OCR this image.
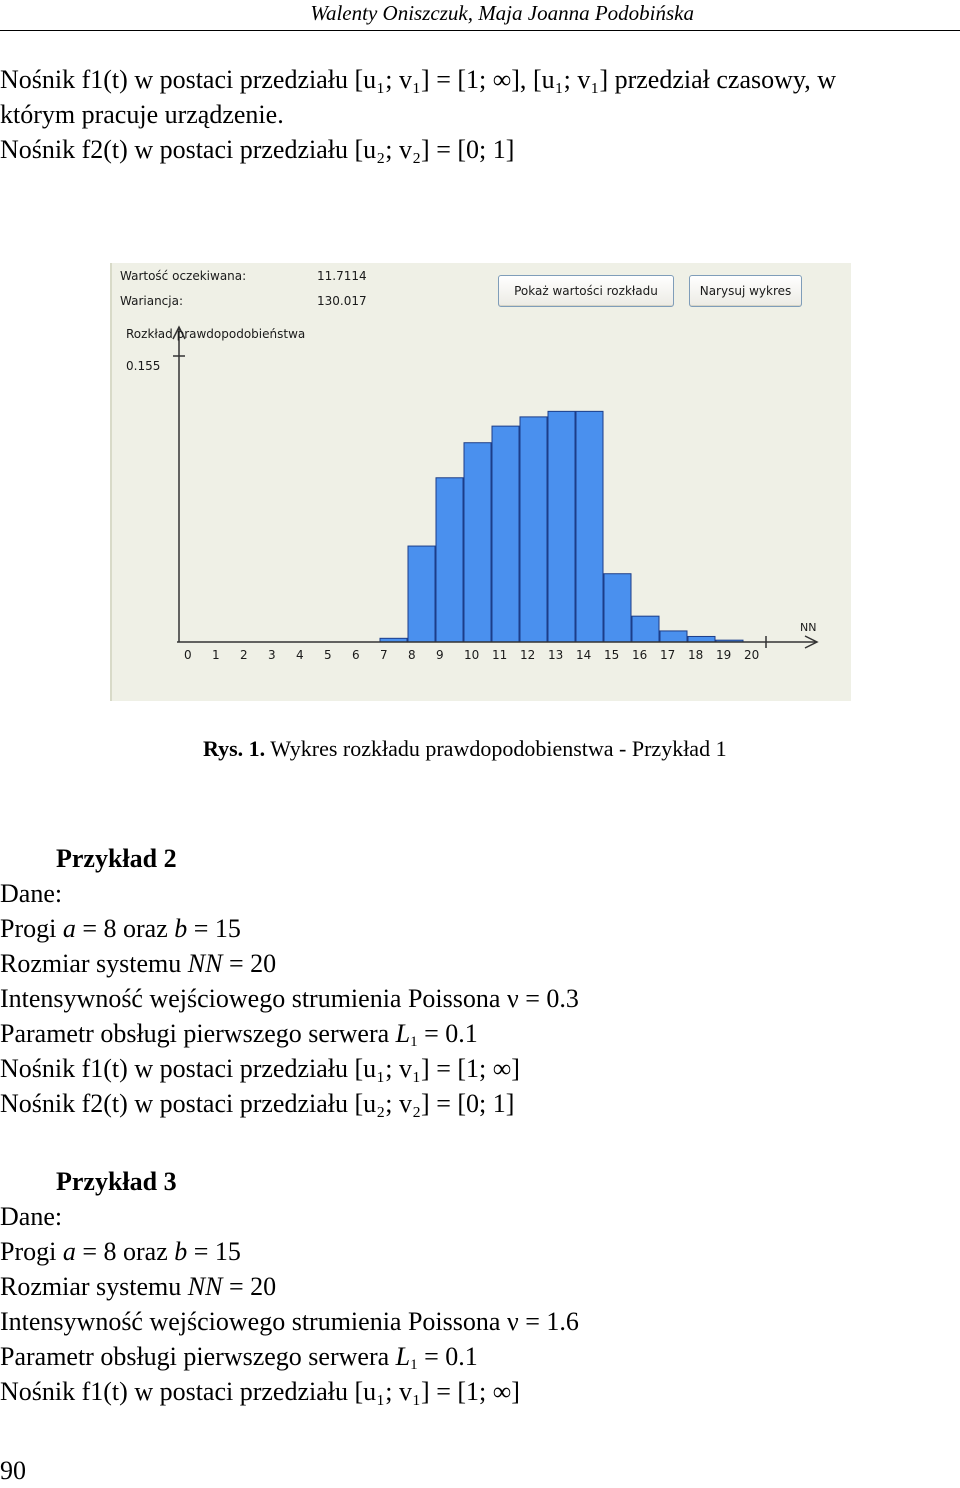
Walenty Oniszczuk, Maja Joanna Podobińska
Nośnik f1(t) w postaci przedziału [u₁; v₁] = [1; ∞], [u₁; v₁] przedział czasowy, w
którym pracuje urządzenie.
Nośnik f2(t) w postaci przedziału [u₂; v₂] = [0; 1]
Wartość oczekiwana:	11.7114
Wariancja:	130.017
Pokaż wartości rozkładu	Narysuj wykres
Rozkład prawdopodobieństwa
0.155
NN
0 1 2 3 4 5 6 7 8 9 10 11 12 13 14 15 16 17 18 19 20
Rys. 1. Wykres rozkładu prawdopodobienstwa - Przykład 1
Przykład 2
Dane:
Progi a = 8 oraz b = 15
Rozmiar systemu NN = 20
Intensywność wejściowego strumienia Poissona ν = 0.3
Parametr obsługi pierwszego serwera $L_1 = 0.1$
Nośnik f1(t) w postaci przedziału [u₁; v₁] = [1; ∞]
Nośnik f2(t) w postaci przedziału [u₂; v₂] = [0; 1]
Przykład 3
Dane:
Progi a = 8 oraz b = 15
Rozmiar systemu NN = 20
Intensywność wejściowego strumienia Poissona ν = 1.6
Parametr obsługi pierwszego serwera $L_1 = 0.1$
Nośnik f1(t) w postaci przedziału [u₁; v₁] = [1; ∞]
90
